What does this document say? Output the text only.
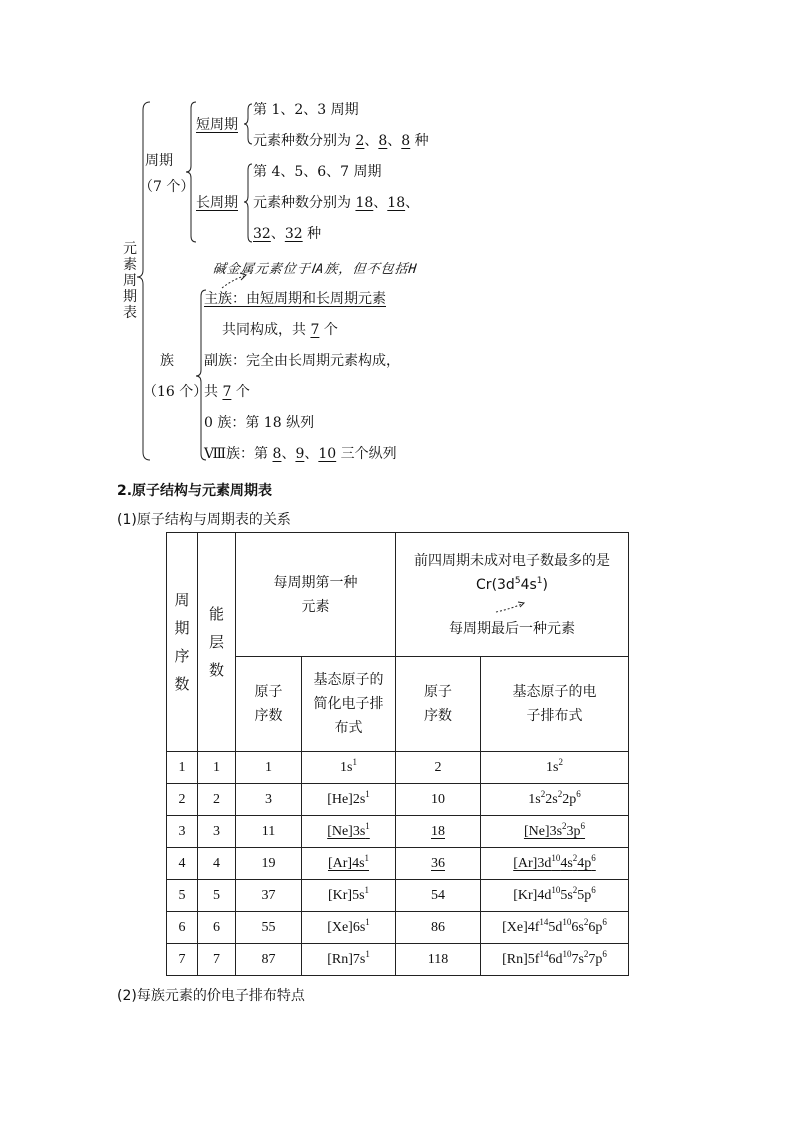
元素周期表
周期
（7 个）
短周期
第 1、2、3 周期
元素种数分别为 2、8、8 种
长周期
第 4、5、6、7 周期
元素种数分别为 18、18、
32、32 种
碱金属元素位于ⅠA族，但不包括H
族
（16 个）
主族：由短周期和长周期元素
共同构成，共 7 个
副族：完全由长周期元素构成，
共 7 个
0 族：第 18 纵列
Ⅷ族：第 8、9、10 三个纵列
2.原子结构与元素周期表
(1)原子结构与周期表的关系
周期序数	能层数	每周期第一种元素		前四周期未成对电子数最多的是 $Cr(3d^54s^1)$
每周期最后一种元素	

		原子序数	基态原子的简化电子排布式	原子序数	基态原子的电子排布式

1	1	1	$1s^1$	2	$1s^2$
2	2	3	$[He]2s^1$	10	$1s^22s^22p^6$
3	3	11	$[Ne]3s^1$	18	$[Ne]3s^23p^6$
4	4	19	$[Ar]4s^1$	36	$[Ar]3d^{10}4s^24p^6$
5	5	37	$[Kr]5s^1$	54	$[Kr]4d^{10}5s^25p^6$
6	6	55	$[Xe]6s^1$	86	$[Xe]4f^{14}5d^{10}6s^26p^6$
7	7	87	$[Rn]7s^1$	118	$[Rn]5f^{14}6d^{10}7s^27p^6$
(2)每族元素的价电子排布特点
